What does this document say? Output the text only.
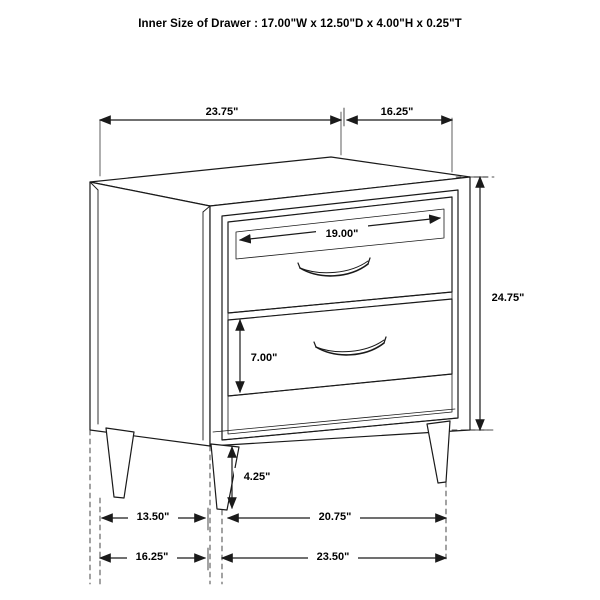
Inner Size of Drawer : 17.00"W x 12.50"D x 4.00"H x 0.25"T
23.75"	16.25"
24.75"
19.00"
7.00"
4.25"
13.50"	20.75"
16.25"	23.50"
